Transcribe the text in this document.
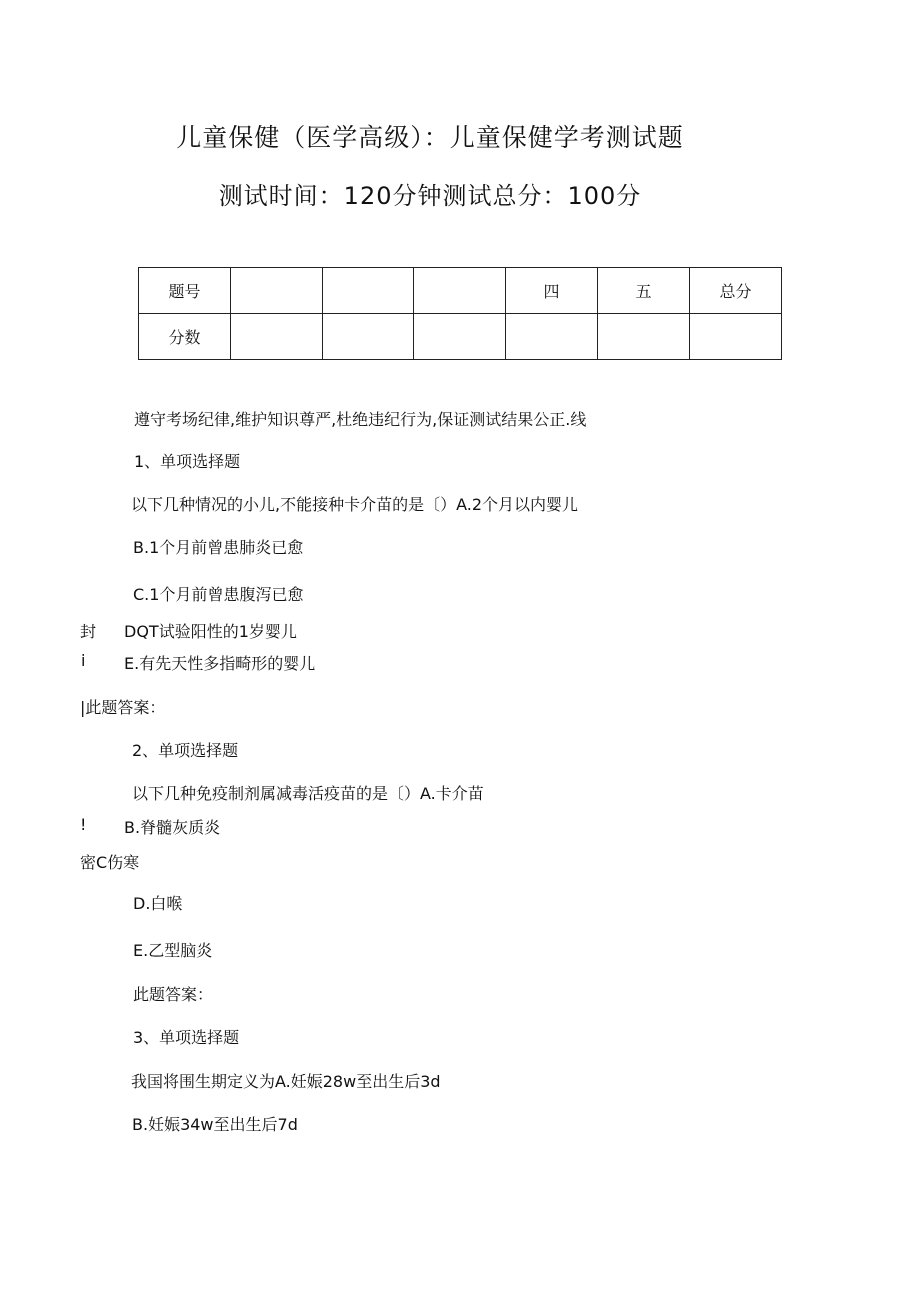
儿童保健（医学高级）：儿童保健学考测试题
测试时间：120分钟测试总分：100分
题号				四	五	总分
分数						
遵守考场纪律,维护知识尊严,杜绝违纪行为,保证测试结果公正.线
1、单项选择题
以下几种情况的小儿,不能接种卡介苗的是〔）A.2个月以内婴儿
B.1个月前曾患肺炎已愈
C.1个月前曾患腹泻已愈
封 DQT试验阳性的1岁婴儿
i E.有先天性多指畸形的婴儿
|此题答案：
2、单项选择题
以下几种免疫制剂属减毒活疫苗的是〔）A.卡介苗
! B.脊髓灰质炎
密C伤寒
D.白喉
E.乙型脑炎
此题答案：
3、单项选择题
我国将围生期定义为A.妊娠28w至出生后3d
B.妊娠34w至出生后7d
